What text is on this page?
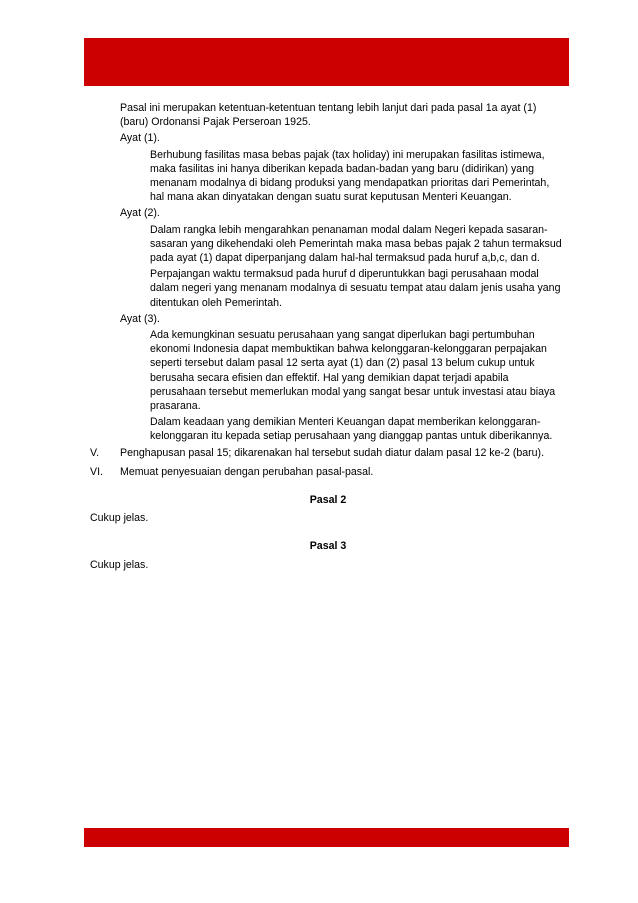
Pasal ini merupakan ketentuan-ketentuan tentang lebih lanjut dari pada pasal 1a ayat (1) (baru) Ordonansi Pajak Perseroan 1925.

Ayat (1).

Berhubung fasilitas masa bebas pajak (tax holiday) ini merupakan fasilitas istimewa, maka fasilitas ini hanya diberikan kepada badan-badan yang baru (didirikan) yang menanam modalnya di bidang produksi yang mendapatkan prioritas dari Pemerintah, hal mana akan dinyatakan dengan suatu surat keputusan Menteri Keuangan.

Ayat (2).

Dalam rangka lebih mengarahkan penanaman modal dalam Negeri kepada sasaran-sasaran yang dikehendaki oleh Pemerintah maka masa bebas pajak 2 tahun termaksud pada ayat (1) dapat diperpanjang dalam hal-hal termaksud pada huruf a,b,c, dan d.

Perpajangan waktu termaksud pada huruf d diperuntukkan bagi perusahaan modal dalam negeri yang menanam modalnya di sesuatu tempat atau dalam jenis usaha yang ditentukan oleh Pemerintah.

Ayat (3).

Ada kemungkinan sesuatu perusahaan yang sangat diperlukan bagi pertumbuhan ekonomi Indonesia dapat membuktikan bahwa kelonggaran-kelonggaran perpajakan seperti tersebut dalam pasal 12 serta ayat (1) dan (2) pasal 13 belum cukup untuk berusaha secara efisien dan effektif. Hal yang demikian dapat terjadi apabila perusahaan tersebut memerlukan modal yang sangat besar untuk investasi atau biaya prasarana.

Dalam keadaan yang demikian Menteri Keuangan dapat memberikan kelonggaran-kelonggaran itu kepada setiap perusahaan yang dianggap pantas untuk diberikannya.

V.	Penghapusan pasal 15; dikarenakan hal tersebut sudah diatur dalam pasal 12 ke-2 (baru).
VI.	Memuat penyesuaian dengan perubahan pasal-pasal.

Pasal 2

Cukup jelas.

Pasal 3

Cukup jelas.
